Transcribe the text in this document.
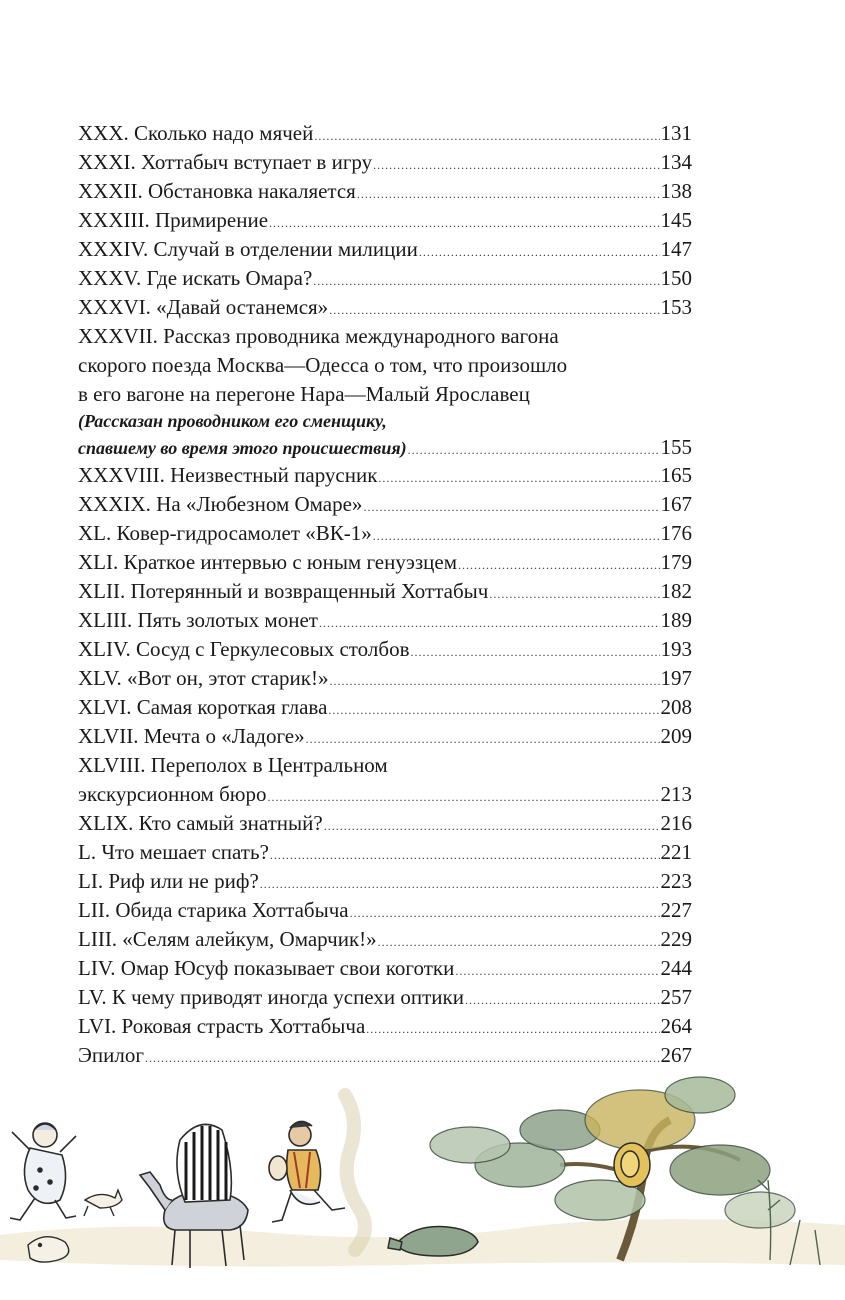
XXX. Сколько надо мячей .....	131
XXXI. Хоттабыч вступает в игру .....	134
XXXII. Обстановка накаляется .....	138
XXXIII. Примирение .....	145
XXXIV. Случай в отделении милиции .....	147
XXXV. Где искать Омара? .....	150
XXXVI. «Давай останемся» .....	153
XXXVII. Рассказ проводника международного вагона
скорого поезда Москва—Одесса о том, что произошло
в его вагоне на перегоне Нара—Малый Ярославец
(Рассказан проводником его сменщику,
спавшему во время этого происшествия) .....	155
XXXVIII. Неизвестный парусник .....	165
XXXIX. На «Любезном Омаре» .....	167
XL. Ковер-гидросамолет «ВК-1» .....	176
XLI. Краткое интервью с юным генуэзцем .....	179
XLII. Потерянный и возвращенный Хоттабыч .....	182
XLIII. Пять золотых монет .....	189
XLIV. Сосуд с Геркулесовых столбов .....	193
XLV. «Вот он, этот старик!» .....	197
XLVI. Самая короткая глава .....	208
XLVII. Мечта о «Ладоге» .....	209
XLVIII. Переполох в Центральном
экскурсионном бюро .....	213
XLIX. Кто самый знатный? .....	216
L. Что мешает спать? .....	221
LI. Риф или не риф? .....	223
LII. Обида старика Хоттабыча .....	227
LIII. «Селям алейкум, Омарчик!» .....	229
LIV. Омар Юсуф показывает свои коготки .....	244
LV. К чему приводят иногда успехи оптики .....	257
LVI. Роковая страсть Хоттабыча .....	264
Эпилог .....	267
